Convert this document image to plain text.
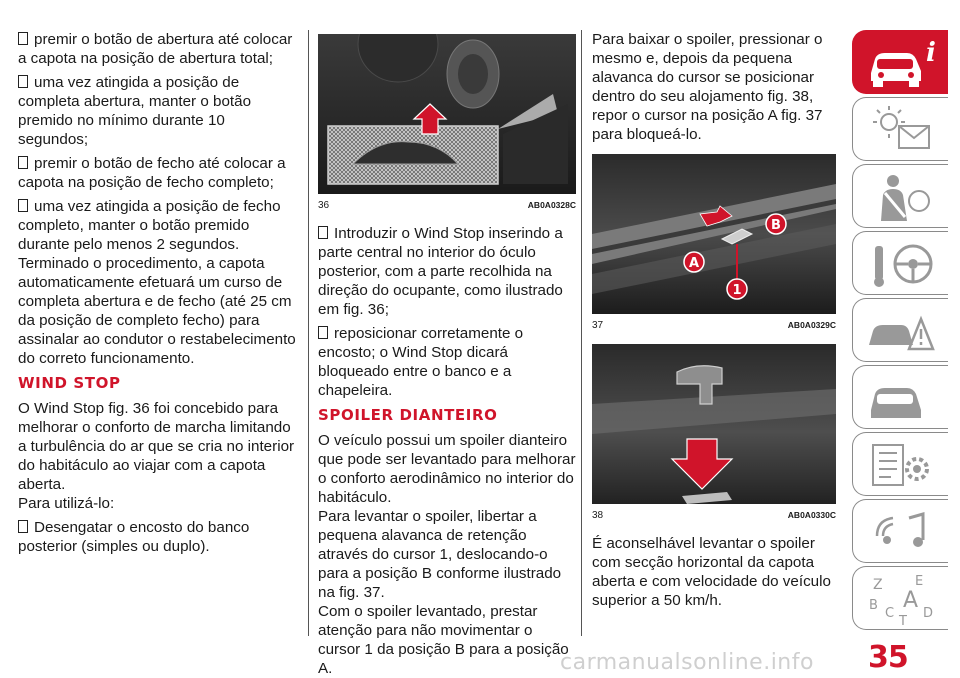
premir o botão de abertura até colocar a capota na posição de abertura total;

uma vez atingida a posição de completa abertura, manter o botão premido no mínimo durante 10 segundos;

premir o botão de fecho até colocar a capota na posição de fecho completo;

uma vez atingida a posição de fecho completo, manter o botão premido durante pelo menos 2 segundos.

Terminado o procedimento, a capota automaticamente efetuará um curso de completa abertura e de fecho (até 25 cm da posição de completo fecho) para assinalar ao condutor o restabelecimento do correto funcionamento.

WIND STOP

O Wind Stop fig. 36 foi concebido para melhorar o conforto de marcha limitando a turbulência do ar que se cria no interior do habitáculo ao viajar com a capota aberta.

Para utilizá-lo:

Desengatar o encosto do banco posterior (simples ou duplo).

36	AB0A0328C

Introduzir o Wind Stop inserindo a parte central no interior do óculo posterior, com a parte recolhida na direção do ocupante, como ilustrado em fig. 36;

reposicionar corretamente o encosto; o Wind Stop dicará bloqueado entre o banco e a chapeleira.

SPOILER DIANTEIRO

O veículo possui um spoiler dianteiro que pode ser levantado para melhorar o conforto aerodinâmico no interior do habitáculo.

Para levantar o spoiler, libertar a pequena alavanca de retenção através do cursor 1, deslocando-o para a posição B conforme ilustrado na fig. 37.

Com o spoiler levantado, prestar atenção para não movimentar o cursor 1 da posição B para a posição A.

Para baixar o spoiler, pressionar o mesmo e, depois da pequena alavanca do cursor se posicionar dentro do seu alojamento fig. 38, repor o cursor na posição A fig. 37 para bloqueá-lo.

B
A
1
37	AB0A0329C
38	AB0A0330C

É aconselhável levantar o spoiler com secção horizontal da capota aberta e com velocidade do veículo superior a 50 km/h.

i
Z E
B A
C
T
D
carmanualsonline.info 35
